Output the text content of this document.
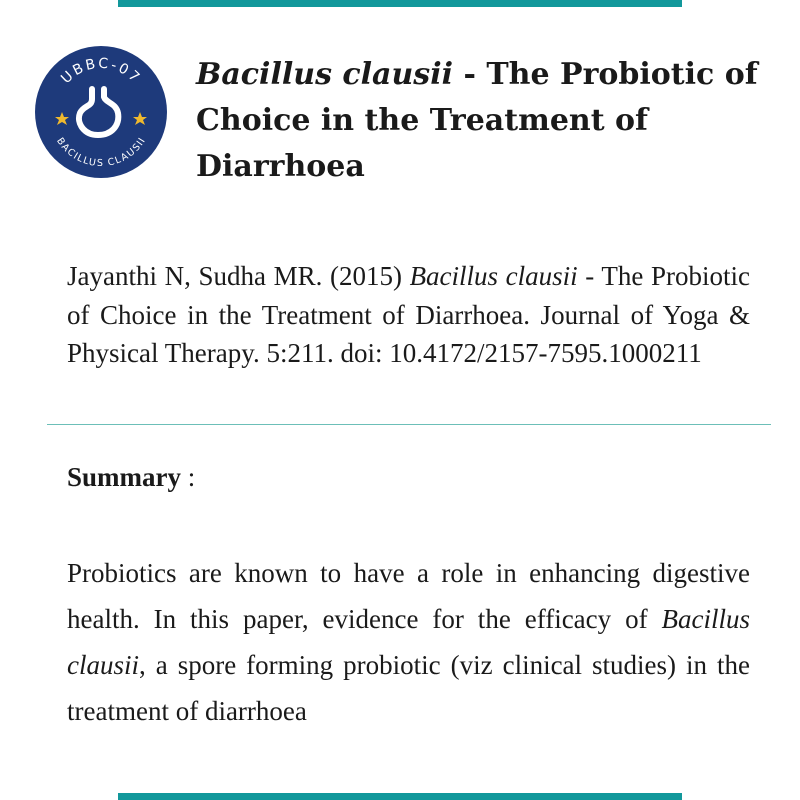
UBBC-07
BACILLUS CLAUSII
Bacillus clausii - The Probiotic of Choice in the Treatment of Diarrhoea
Jayanthi N, Sudha MR. (2015) Bacillus clausii - The Probiotic of Choice in the Treatment of Diarrhoea. Journal of Yoga & Physical Therapy. 5:211. doi: 10.4172/2157-7595.1000211
Summary :
Probiotics are known to have a role in enhancing digestive health. In this paper, evidence for the efficacy of Bacillus clausii, a spore forming probiotic (viz clinical studies) in the treatment of diarrhoea
